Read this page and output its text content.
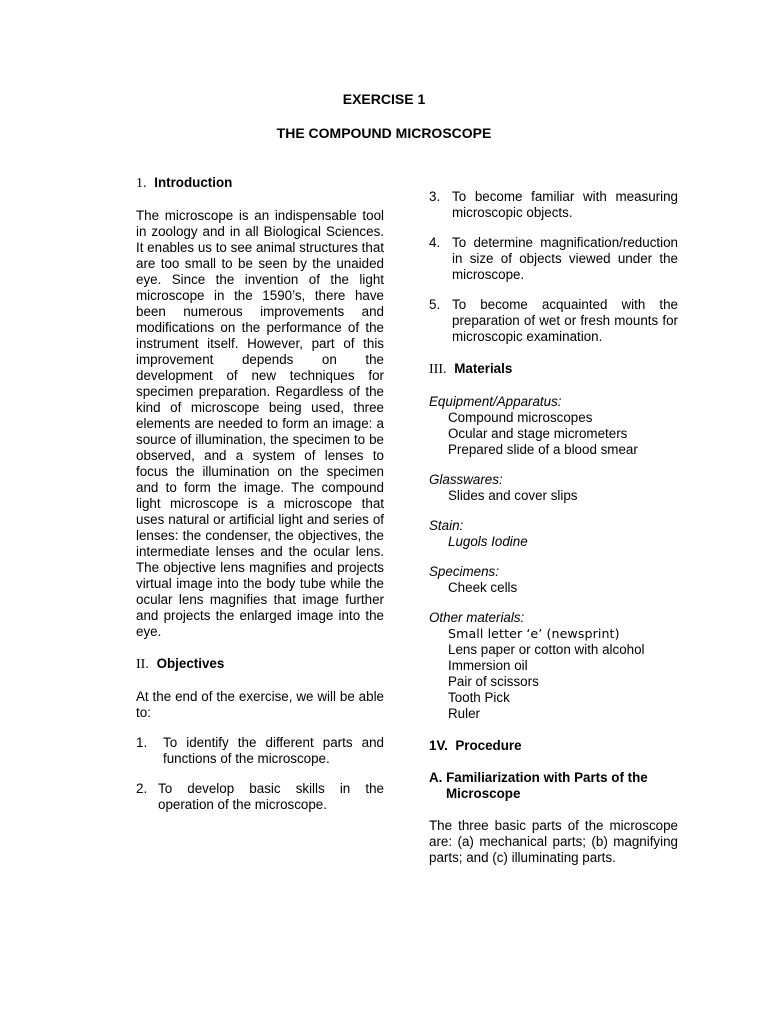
EXERCISE 1
THE COMPOUND MICROSCOPE
1. Introduction

The microscope is an indispensable tool in zoology and in all Biological Sciences. It enables us to see animal structures that are too small to be seen by the unaided eye. Since the invention of the light microscope in the 1590’s, there have been numerous improvements and modifications on the performance of the instrument itself. However, part of this improvement depends on the development of new techniques for specimen preparation. Regardless of the kind of microscope being used, three elements are needed to form an image: a source of illumination, the specimen to be observed, and a system of lenses to focus the illumination on the specimen and to form the image. The compound light microscope is a microscope that uses natural or artificial light and series of lenses: the condenser, the objectives, the intermediate lenses and the ocular lens. The objective lens magnifies and projects virtual image into the body tube while the ocular lens magnifies that image further and projects the enlarged image into the eye.

II. Objectives

At the end of the exercise, we will be able to:

1.	To identify the different parts and functions of the microscope.
2. To develop basic skills in the operation of the microscope.
3. To become familiar with measuring microscopic objects.
4. To determine magnification/reduction in size of objects viewed under the microscope.
5. To become acquainted with the preparation of wet or fresh mounts for microscopic examination.
III. Materials

Equipment/Apparatus:

Compound microscopes

Ocular and stage micrometers

Prepared slide of a blood smear

Glasswares:

Slides and cover slips

Stain:

Lugols Iodine

Specimens:

Cheek cells

Other materials:

Small letter ‘e’ (newsprint)

Lens paper or cotton with alcohol

Immersion oil

Pair of scissors

Tooth Pick

Ruler

1V. Procedure
A. Familiarization with Parts of the
Microscope

The three basic parts of the microscope are: (a) mechanical parts; (b) magnifying parts; and (c) illuminating parts.
